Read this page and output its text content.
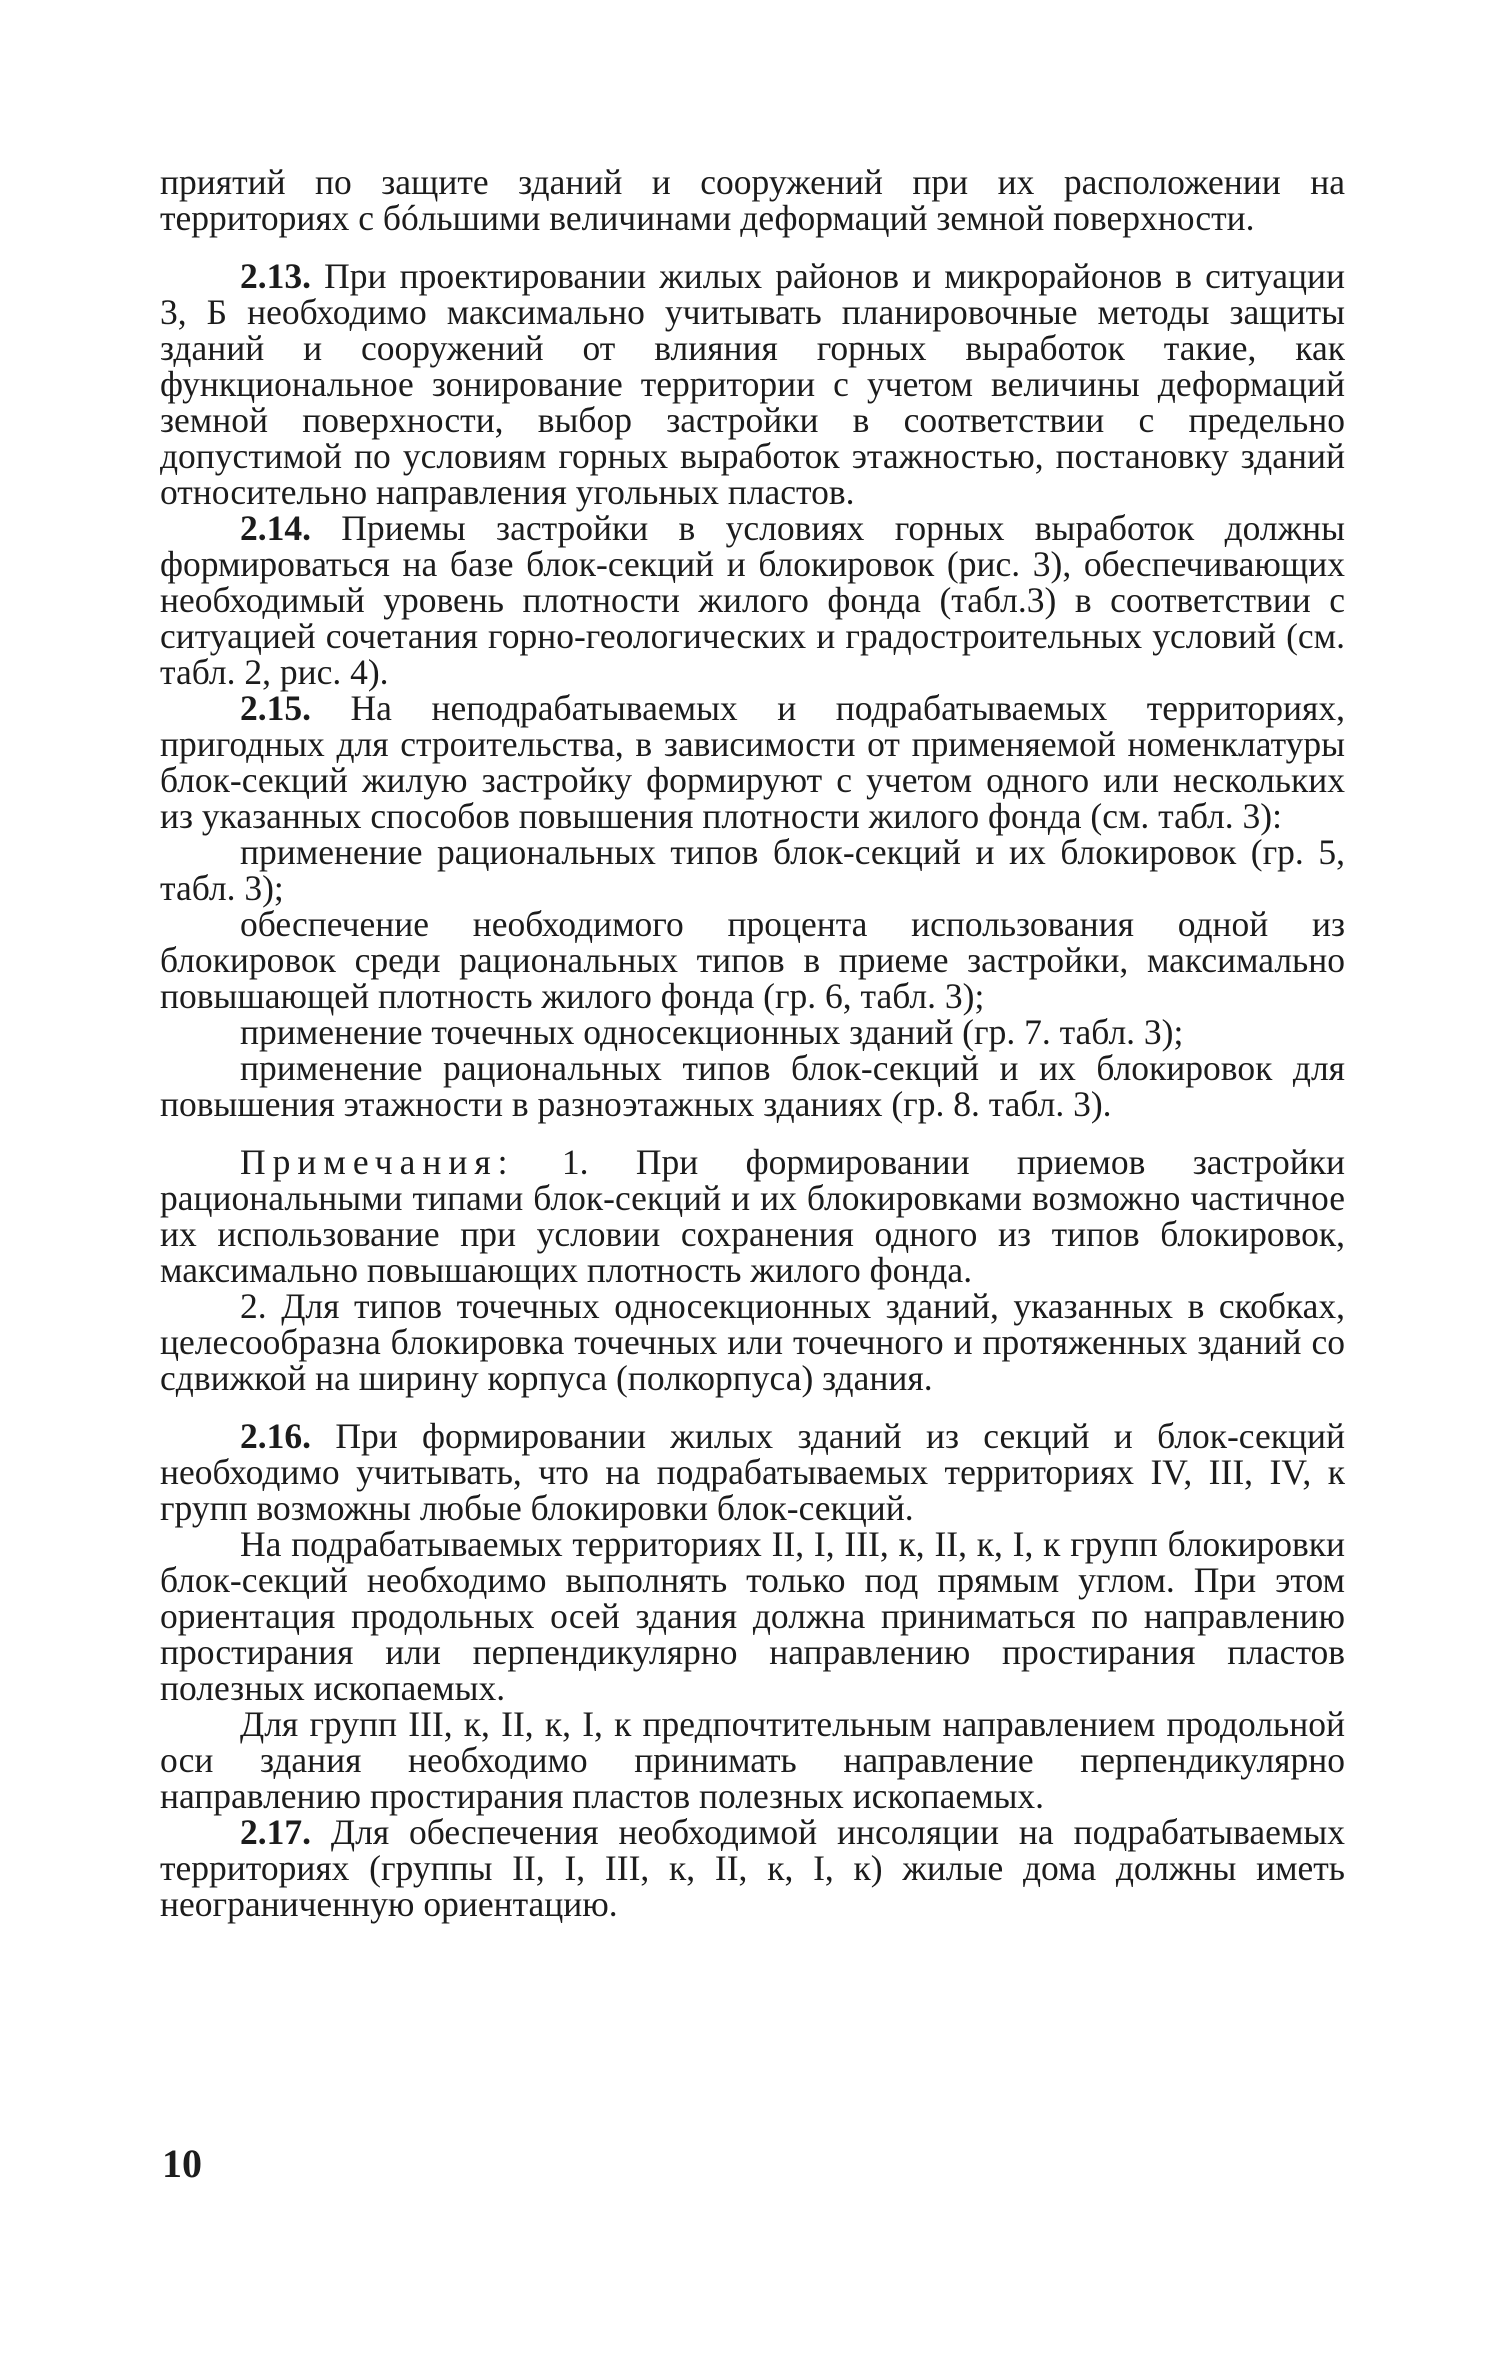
приятий по защите зданий и сооружений при их расположении на территориях с бóльшими величинами деформаций земной поверхности.

2.13. При проектировании жилых районов и микрорайонов в ситуации 3, Б необходимо максимально учитывать планировочные методы защиты зданий и сооружений от влияния горных выработок такие, как функциональное зонирование территории с учетом величины деформаций земной поверхности, выбор застройки в соответствии с предельно допустимой по условиям горных выработок этажностью, постановку зданий относительно направления угольных пластов.

2.14. Приемы застройки в условиях горных выработок должны формироваться на базе блок-секций и блокировок (рис. 3), обеспечивающих необходимый уровень плотности жилого фонда (табл.3) в соответствии с ситуацией сочетания горно-геологических и градостроительных условий (см. табл. 2, рис. 4).

2.15. На неподрабатываемых и подрабатываемых территориях, пригодных для строительства, в зависимости от применяемой номенклатуры блок-секций жилую застройку формируют с учетом одного или нескольких из указанных способов повышения плотности жилого фонда (см. табл. 3):

применение рациональных типов блок-секций и их блокировок (гр. 5, табл. 3);

обеспечение необходимого процента использования одной из блокировок среди рациональных типов в приеме застройки, максимально повышающей плотность жилого фонда (гр. 6, табл. 3);

применение точечных односекционных зданий (гр. 7. табл. 3);

применение рациональных типов блок-секций и их блокировок для повышения этажности в разноэтажных зданиях (гр. 8. табл. 3).

Примечания: 1. При формировании приемов застройки рациональными типами блок-секций и их блокировками возможно частичное их использование при условии сохранения одного из типов блокировок, максимально повышающих плотность жилого фонда.

2. Для типов точечных односекционных зданий, указанных в скобках, целесообразна блокировка точечных или точечного и протяженных зданий со сдвижкой на ширину корпуса (полкорпуса) здания.

2.16. При формировании жилых зданий из секций и блок-секций необходимо учитывать, что на подрабатываемых территориях IV, III, IV, к групп возможны любые блокировки блок-секций.

На подрабатываемых территориях II, I, III, к, II, к, I, к групп блокировки блок-секций необходимо выполнять только под прямым углом. При этом ориентация продольных осей здания должна приниматься по направлению простирания или перпендикулярно направлению простирания пластов полезных ископаемых.

Для групп III, к, II, к, I, к предпочтительным направлением продольной оси здания необходимо принимать направление перпендикулярно направлению простирания пластов полезных ископаемых.

2.17. Для обеспечения необходимой инсоляции на подрабатываемых территориях (группы II, I, III, к, II, к, I, к) жилые дома должны иметь неограниченную ориентацию.

10
